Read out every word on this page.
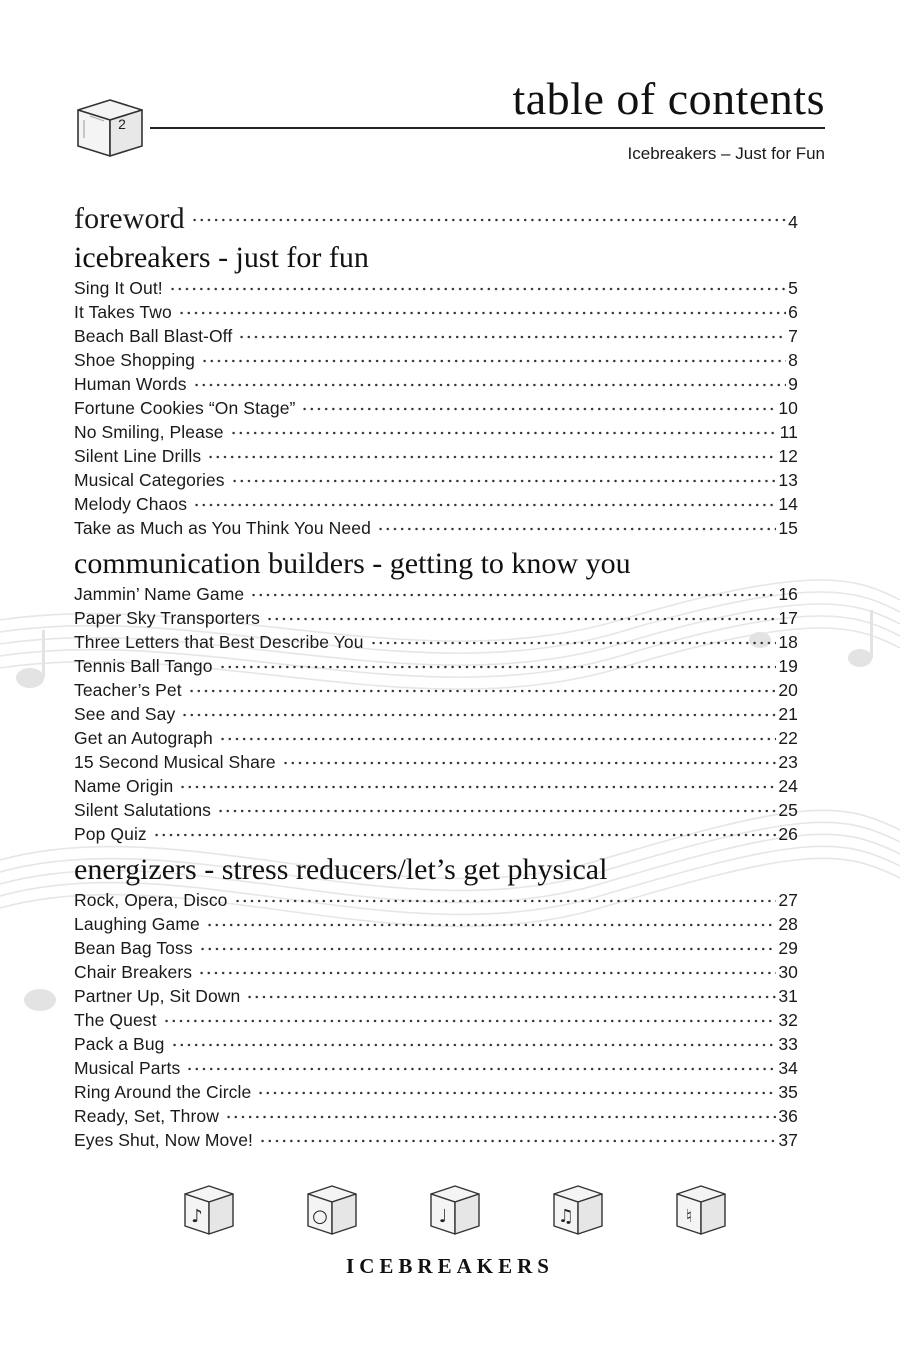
2	table of contents
Icebreakers – Just for Fun
foreword	4
icebreakers - just for fun
Sing It Out!	5
It Takes Two	6
Beach Ball Blast-Off	7
Shoe Shopping	8
Human Words	9
Fortune Cookies “On Stage”	10
No Smiling, Please	11
Silent Line Drills	12
Musical Categories	13
Melody Chaos	14
Take as Much as You Think You Need	15
communication builders - getting to know you
Jammin’ Name Game	16
Paper Sky Transporters	17
Three Letters that Best Describe You	18
Tennis Ball Tango	19
Teacher’s Pet	20
See and Say	21
Get an Autograph	22
15 Second Musical Share	23
Name Origin	24
Silent Salutations	25
Pop Quiz	26
energizers - stress reducers/let’s get physical
Rock, Opera, Disco	27
Laughing Game	28
Bean Bag Toss	29
Chair Breakers	30
Partner Up, Sit Down	31
The Quest	32
Pack a Bug	33
Musical Parts	34
Ring Around the Circle	35
Ready, Set, Throw	36
Eyes Shut, Now Move!	37
♪	○	♩	♫	♮
ICEBREAKERS
